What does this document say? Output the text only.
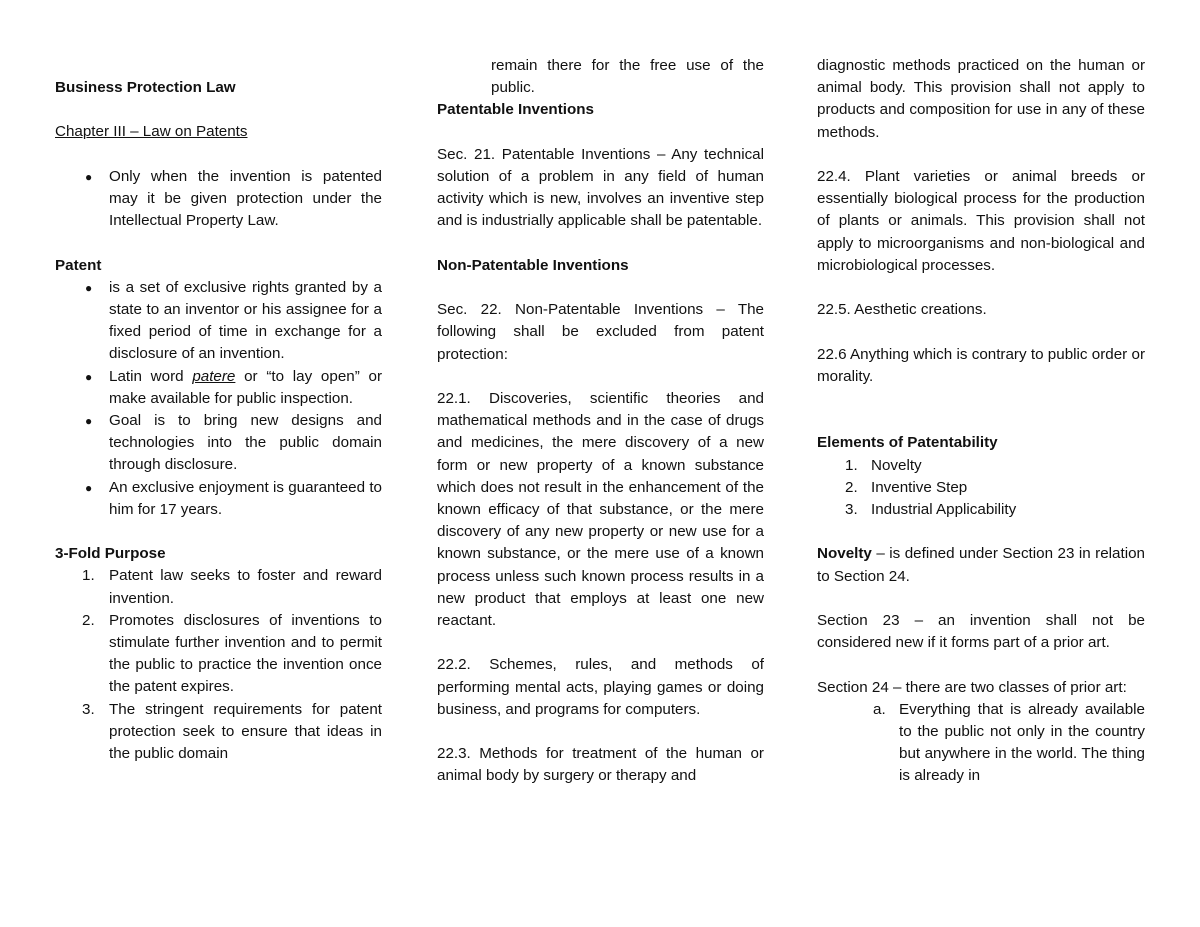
Business Protection Law

Chapter III – Law on Patents

● Only when the invention is patented may it be given protection under the Intellectual Property Law.

Patent

● is a set of exclusive rights granted by a state to an inventor or his assignee for a fixed period of time in exchange for a disclosure of an invention.
● Latin word patere or “to lay open” or make available for public inspection.
● Goal is to bring new designs and technologies into the public domain through disclosure.
● An exclusive enjoyment is guaranteed to him for 17 years.

3-Fold Purpose

1. Patent law seeks to foster and reward invention.
2. Promotes disclosures of inventions to stimulate further invention and to permit the public to practice the invention once the patent expires.
3. The stringent requirements for patent protection seek to ensure that ideas in the public domain

remain there for the free use of the public.

Patentable Inventions

Sec. 21. Patentable Inventions – Any technical solution of a problem in any field of human activity which is new, involves an inventive step and is industrially applicable shall be patentable.

Non-Patentable Inventions

Sec. 22. Non-Patentable Inventions – The following shall be excluded from patent protection:

22.1. Discoveries, scientific theories and mathematical methods and in the case of drugs and medicines, the mere discovery of a new form or new property of a known substance which does not result in the enhancement of the known efficacy of that substance, or the mere discovery of any new property or new use for a known substance, or the mere use of a known process unless such known process results in a new product that employs at least one new reactant.

22.2. Schemes, rules, and methods of performing mental acts, playing games or doing business, and programs for computers.

22.3. Methods for treatment of the human or animal body by surgery or therapy and

diagnostic methods practiced on the human or animal body. This provision shall not apply to products and composition for use in any of these methods.

22.4. Plant varieties or animal breeds or essentially biological process for the production of plants or animals. This provision shall not apply to microorganisms and non-biological and microbiological processes.

22.5. Aesthetic creations.

22.6 Anything which is contrary to public order or morality.

Elements of Patentability

1. Novelty
2. Inventive Step
3. Industrial Applicability

Novelty – is defined under Section 23 in relation to Section 24.

Section 23 – an invention shall not be considered new if it forms part of a prior art.

Section 24 – there are two classes of prior art:

a. Everything that is already available to the public not only in the country but anywhere in the world. The thing is already in
